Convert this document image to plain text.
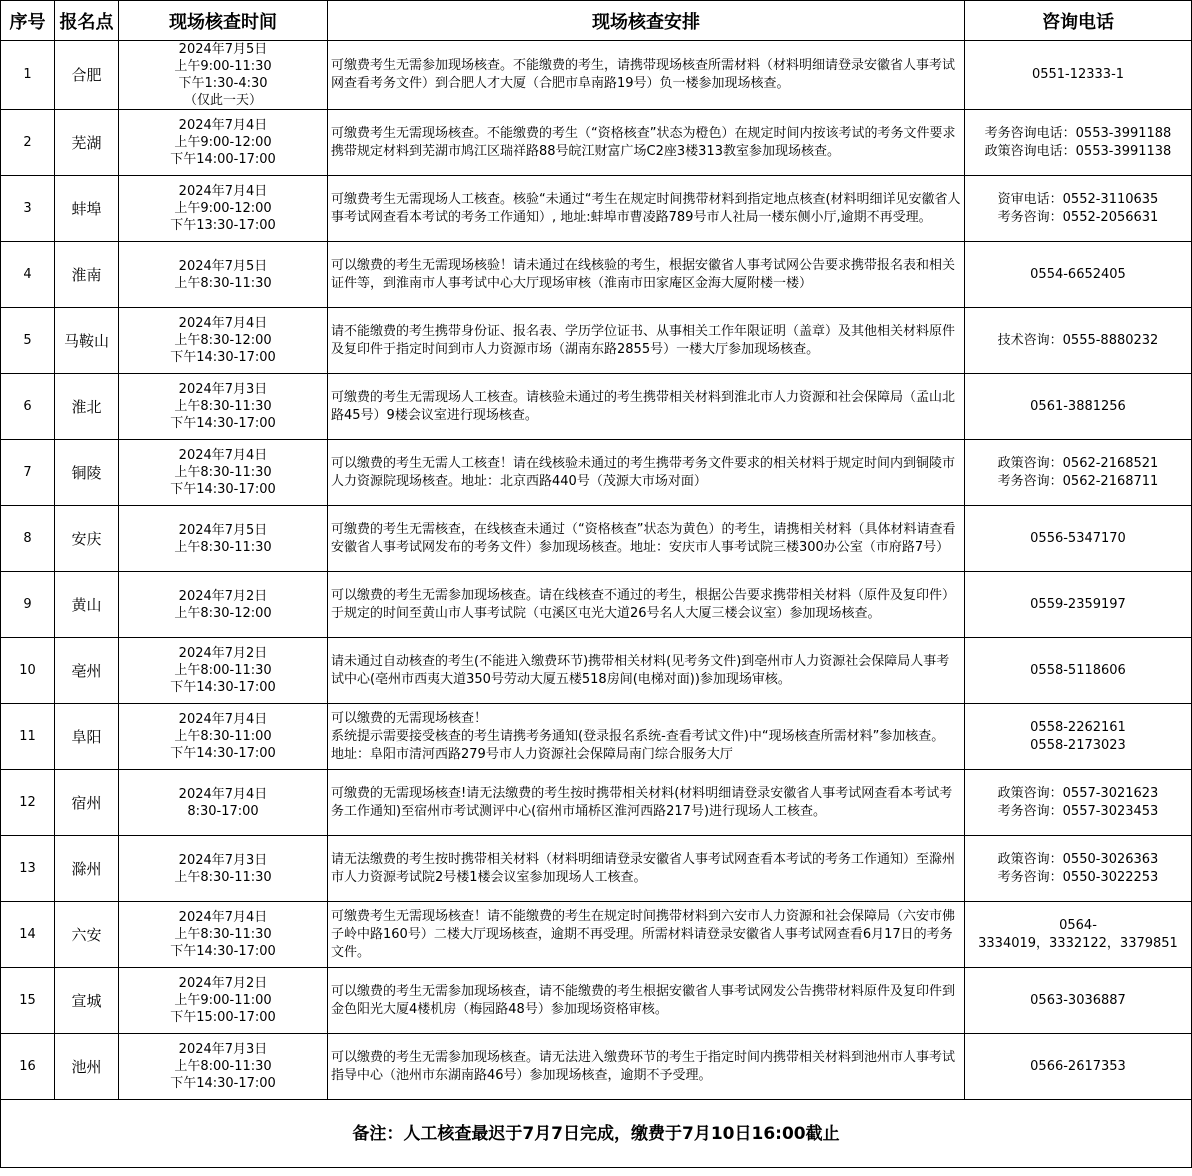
序号	报名点	现场核查时间	现场核查安排	咨询电话
1	合肥	2024年7月5日
上午9:00-11:30
下午1:30-4:30
（仅此一天）	可缴费考生无需参加现场核查。不能缴费的考生，请携带现场核查所需材料（材料明细请登录安徽省人事考试网查看考务文件）到合肥人才大厦（合肥市阜南路19号）负一楼参加现场核查。	0551-12333-1

2	芜湖	2024年7月4日
上午9:00-12:00
下午14:00-17:00	可缴费考生无需现场核查。不能缴费的考生（“资格核查”状态为橙色）在规定时间内按该考试的考务文件要求携带规定材料到芜湖市鸠江区瑞祥路88号皖江财富广场C2座3楼313教室参加现场核查。	考务咨询电话：0553-3991188
政策咨询电话：0553-3991138

3	蚌埠	2024年7月4日
上午9:00-12:00
下午13:30-17:00	可缴费考生无需现场人工核查。核验“未通过“考生在规定时间携带材料到指定地点核查(材料明细详见安徽省人事考试网查看本考试的考务工作通知）, 地址:蚌埠市曹凌路789号市人社局一楼东侧小厅,逾期不再受理。	资审电话：0552-3110635
考务咨询：0552-2056631

4	淮南	2024年7月5日
上午8:30-11:30	可以缴费的考生无需现场核验！请未通过在线核验的考生，根据安徽省人事考试网公告要求携带报名表和相关证件等，到淮南市人事考试中心大厅现场审核（淮南市田家庵区金海大厦附楼一楼）	0554-6652405

5	马鞍山	2024年7月4日
上午8:30-12:00
下午14:30-17:00	请不能缴费的考生携带身份证、报名表、学历学位证书、从事相关工作年限证明（盖章）及其他相关材料原件及复印件于指定时间到市人力资源市场（湖南东路2855号）一楼大厅参加现场核查。	技术咨询：0555-8880232

6	淮北	2024年7月3日
上午8:30-11:30
下午14:30-17:00	可缴费的考生无需现场人工核查。请核验未通过的考生携带相关材料到淮北市人力资源和社会保障局（孟山北路45号）9楼会议室进行现场核查。	0561-3881256

7	铜陵	2024年7月4日
上午8:30-11:30
下午14:30-17:00	可以缴费的考生无需人工核查！请在线核验未通过的考生携带考务文件要求的相关材料于规定时间内到铜陵市人力资源院现场核查。地址：北京西路440号（茂源大市场对面）	政策咨询：0562-2168521
考务咨询：0562-2168711

8	安庆	2024年7月5日
上午8:30-11:30	可缴费的考生无需核查，在线核查未通过（“资格核查”状态为黄色）的考生，请携相关材料（具体材料请查看安徽省人事考试网发布的考务文件）参加现场核查。地址：安庆市人事考试院三楼300办公室（市府路7号）	0556-5347170

9	黄山	2024年7月2日
上午8:30-12:00	可以缴费的考生无需参加现场核查。请在线核查不通过的考生，根据公告要求携带相关材料（原件及复印件）于规定的时间至黄山市人事考试院（屯溪区屯光大道26号名人大厦三楼会议室）参加现场核查。	0559-2359197

10	亳州	2024年7月2日
上午8:00-11:30
下午14:30-17:00	请未通过自动核查的考生(不能进入缴费环节)携带相关材料(见考务文件)到亳州市人力资源社会保障局人事考试中心(亳州市西夷大道350号劳动大厦五楼518房间(电梯对面))参加现场审核。	0558-5118606

11	阜阳	2024年7月4日
上午8:30-11:00
下午14:30-17:00	可以缴费的无需现场核查！
系统提示需要接受核查的考生请携考务通知(登录报名系统-查看考试文件)中“现场核查所需材料”参加核查。
地址：阜阳市清河西路279号市人力资源社会保障局南门综合服务大厅	0558-2262161
0558-2173023

12	宿州	2024年7月4日
8:30-17:00	可缴费的无需现场核查!请无法缴费的考生按时携带相关材料(材料明细请登录安徽省人事考试网查看本考试考务工作通知)至宿州市考试测评中心(宿州市埇桥区淮河西路217号)进行现场人工核查。	政策咨询：0557-3021623
考务咨询：0557-3023453

13	滁州	2024年7月3日
上午8:30-11:30	请无法缴费的考生按时携带相关材料（材料明细请登录安徽省人事考试网查看本考试的考务工作通知）至滁州市人力资源考试院2号楼1楼会议室参加现场人工核查。	政策咨询：0550-3026363
考务咨询：0550-3022253

14	六安	2024年7月4日
上午8:30-11:30
下午14:30-17:00	可缴费考生无需现场核查！请不能缴费的考生在规定时间携带材料到六安市人力资源和社会保障局（六安市佛子岭中路160号）二楼大厅现场核查，逾期不再受理。所需材料请登录安徽省人事考试网查看6月17日的考务文件。	0564-
3334019，3332122，3379851

15	宣城	2024年7月2日
上午9:00-11:00
下午15:00-17:00	可以缴费的考生无需参加现场核查，请不能缴费的考生根据安徽省人事考试网发公告携带材料原件及复印件到金色阳光大厦4楼机房（梅园路48号）参加现场资格审核。	0563-3036887

16	池州	2024年7月3日
上午8:00-11:30
下午14:30-17:00	可以缴费的考生无需参加现场核查。请无法进入缴费环节的考生于指定时间内携带相关材料到池州市人事考试指导中心（池州市东湖南路46号）参加现场核查，逾期不予受理。	0566-2617353

备注：人工核查最迟于7月7日完成，缴费于7月10日16:00截止				
